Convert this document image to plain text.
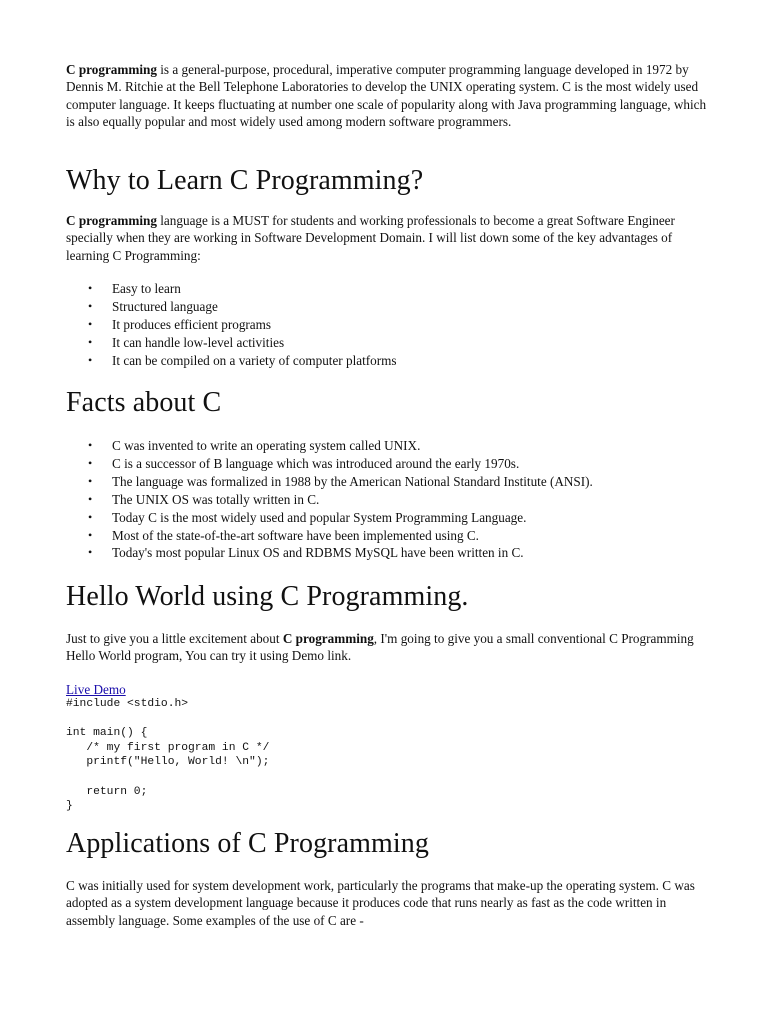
C programming is a general-purpose, procedural, imperative computer programming language developed in 1972 by Dennis M. Ritchie at the Bell Telephone Laboratories to develop the UNIX operating system. C is the most widely used computer language. It keeps fluctuating at number one scale of popularity along with Java programming language, which is also equally popular and most widely used among modern software programmers.

Why to Learn C Programming?

C programming language is a MUST for students and working professionals to become a great Software Engineer specially when they are working in Software Development Domain. I will list down some of the key advantages of learning C Programming:

• Easy to learn
• Structured language
• It produces efficient programs
• It can handle low-level activities
• It can be compiled on a variety of computer platforms
Facts about C
• C was invented to write an operating system called UNIX.
• C is a successor of B language which was introduced around the early 1970s.
• The language was formalized in 1988 by the American National Standard Institute (ANSI).
• The UNIX OS was totally written in C.
• Today C is the most widely used and popular System Programming Language.
• Most of the state-of-the-art software have been implemented using C.
• Today's most popular Linux OS and RDBMS MySQL have been written in C.
Hello World using C Programming.

Just to give you a little excitement about C programming, I'm going to give you a small conventional C Programming Hello World program, You can try it using Demo link.

Live Demo
#include <stdio.h>

int main() {
/* my first program in C */
printf("Hello, World! \n");

return 0;
}
Applications of C Programming

C was initially used for system development work, particularly the programs that make-up the operating system. C was adopted as a system development language because it produces code that runs nearly as fast as the code written in assembly language. Some examples of the use of C are -
